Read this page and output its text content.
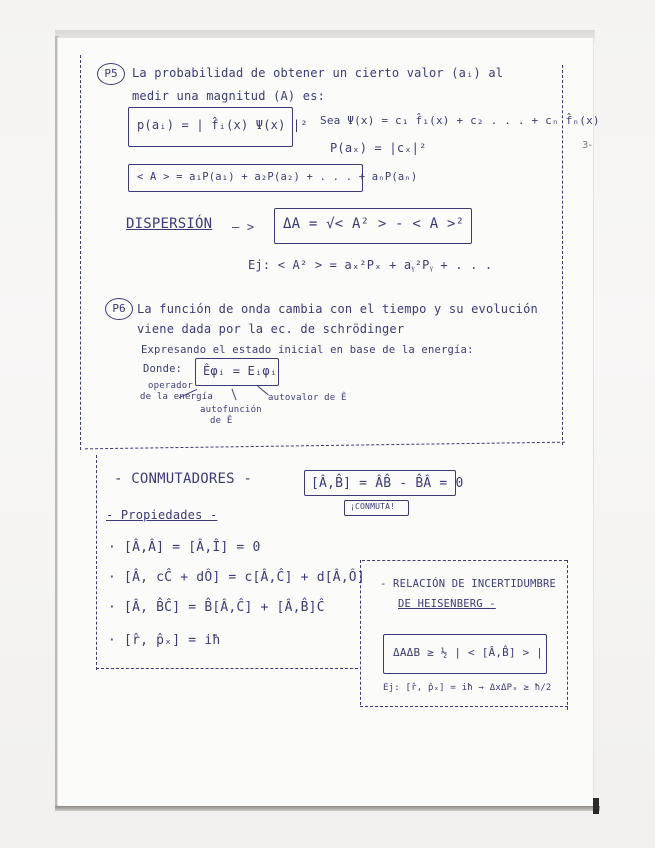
3-
P5	La probabilidad de obtener un cierto valor (aᵢ) al
medir una magnitud (A) es:
p(aᵢ) = | f̂ᵢ(x) Ψ(x) |² Sea Ψ(x) = c₁ f̂₁(x) + c₂ . . . + cₙ f̂ₙ(x)
P(aₓ) = |cₓ|²
< A > = a₁P(a₁) + a₂P(a₂) + . . . + aₙP(aₙ)
DISPERSIÓN — > ΔA = √< A² > - < A >²
Ej: < A² > = aₓ²Pₓ + aᵧ²Pᵧ + . . .
P6 La función de onda cambia con el tiempo y su evolución
viene dada por la ec. de schrödinger
Expresando el estado inicial en base de la energía:
Donde: Êφᵢ = Eᵢφᵢ
operador
de la energía
autofunción
de Ê
autovalor de Ê
- CONMUTADORES -	[Â,B̂] = ÂB̂ - B̂Â = 0
¡CONMUTA!
- Propiedades -
· [Â,Â] = [Â,Î] = 0
· [Â, cĈ + dÔ] = c[Â,Ĉ] + d[Â,Ô]
· [Â, B̂Ĉ] = B̂[Â,Ĉ] + [Â,B̂]Ĉ
· [r̂, p̂ₓ] = iħ
- RELACIÓN DE INCERTIDUMBRE
DE HEISENBERG -
ΔAΔB ≥ ½ | < [Â,B̂] > |
Ej: [r̂, p̂ₓ] = iħ → ΔxΔPₓ ≥ ħ/2
